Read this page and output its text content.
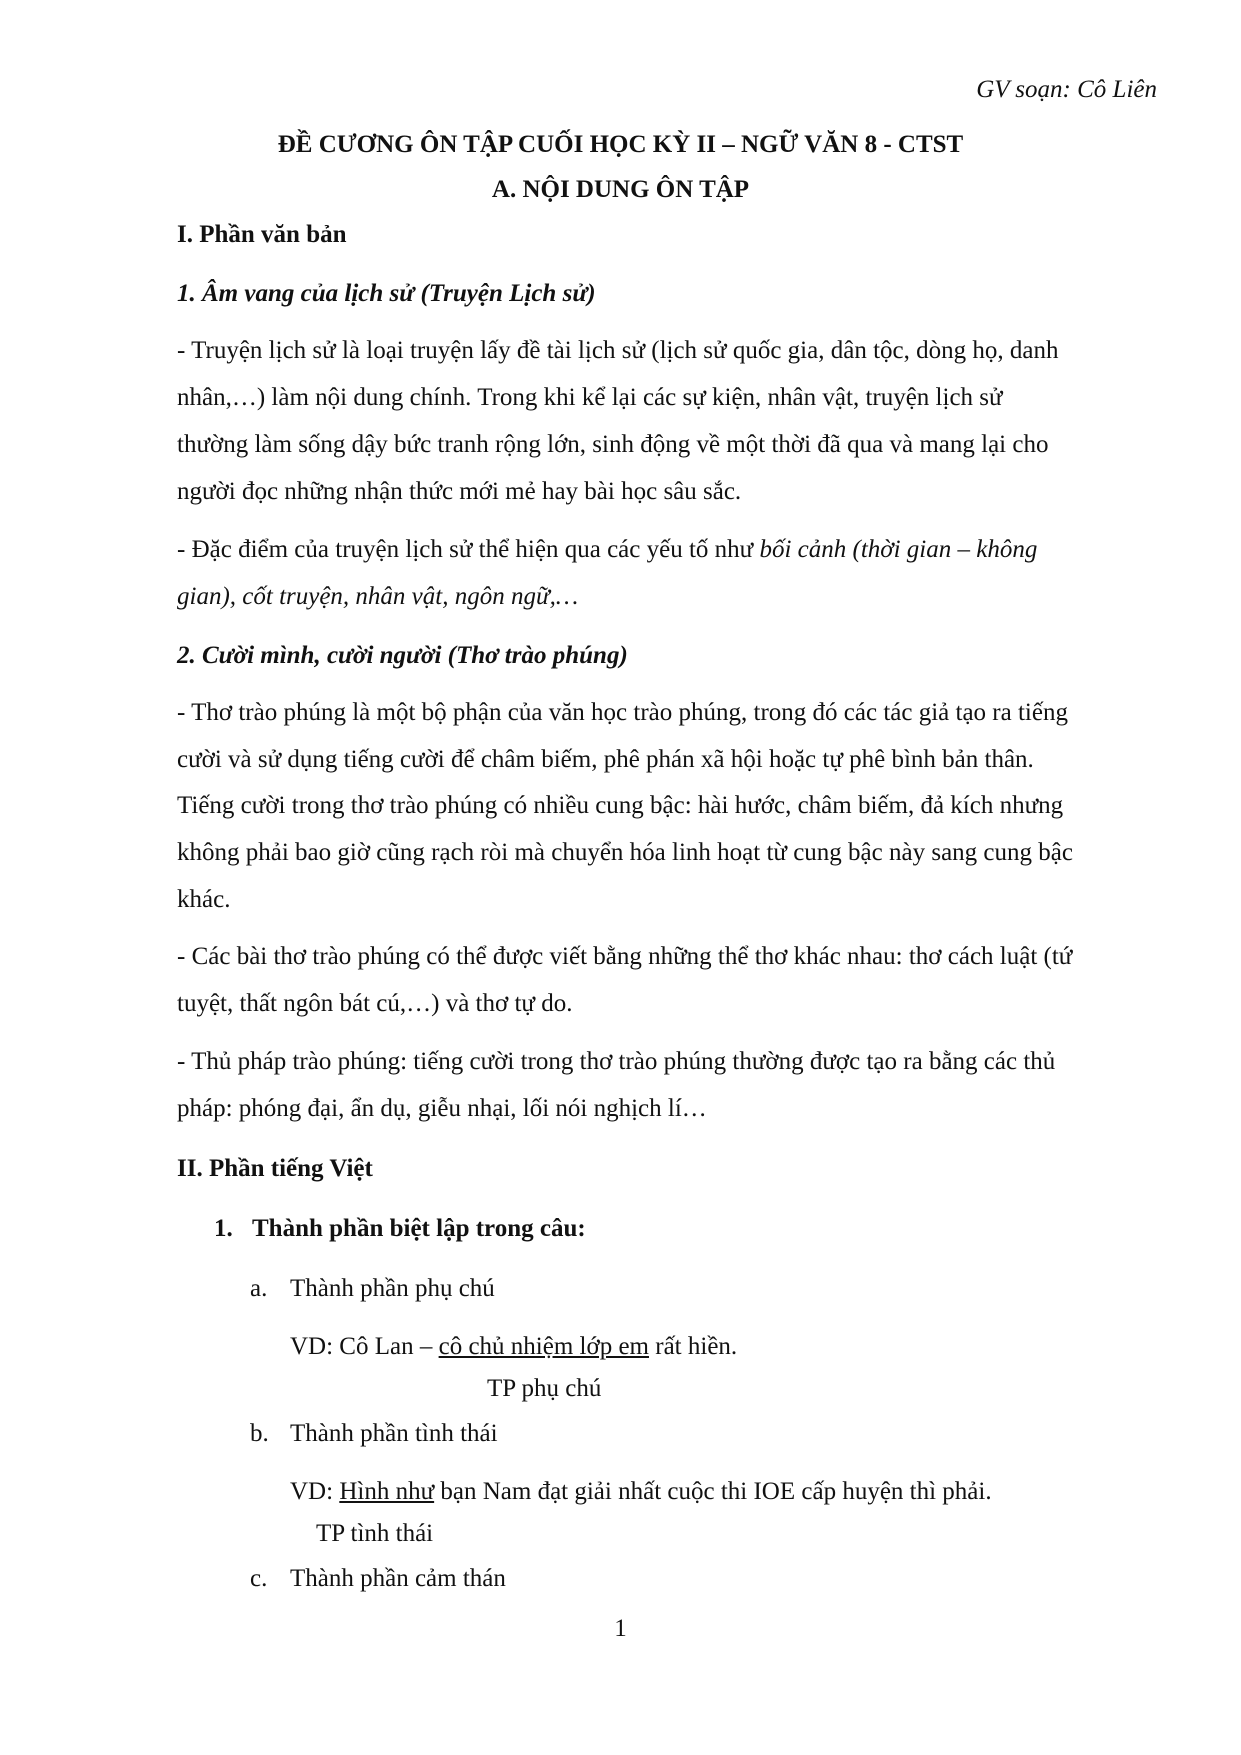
GV soạn: Cô Liên
ĐỀ CƯƠNG ÔN TẬP CUỐI HỌC KỲ II – NGỮ VĂN 8 - CTST
A. NỘI DUNG ÔN TẬP
I. Phần văn bản
1. Âm vang của lịch sử (Truyện Lịch sử)
- Truyện lịch sử là loại truyện lấy đề tài lịch sử (lịch sử quốc gia, dân tộc, dòng họ, danh
nhân,…) làm nội dung chính. Trong khi kể lại các sự kiện, nhân vật, truyện lịch sử
thường làm sống dậy bức tranh rộng lớn, sinh động về một thời đã qua và mang lại cho
người đọc những nhận thức mới mẻ hay bài học sâu sắc.
- Đặc điểm của truyện lịch sử thể hiện qua các yếu tố như bối cảnh (thời gian – không
gian), cốt truyện, nhân vật, ngôn ngữ,…
2. Cười mình, cười người (Thơ trào phúng)
- Thơ trào phúng là một bộ phận của văn học trào phúng, trong đó các tác giả tạo ra tiếng
cười và sử dụng tiếng cười để châm biếm, phê phán xã hội hoặc tự phê bình bản thân.
Tiếng cười trong thơ trào phúng có nhiều cung bậc: hài hước, châm biếm, đả kích nhưng
không phải bao giờ cũng rạch ròi mà chuyển hóa linh hoạt từ cung bậc này sang cung bậc
khác.
- Các bài thơ trào phúng có thể được viết bằng những thể thơ khác nhau: thơ cách luật (tứ
tuyệt, thất ngôn bát cú,…) và thơ tự do.
- Thủ pháp trào phúng: tiếng cười trong thơ trào phúng thường được tạo ra bằng các thủ
pháp: phóng đại, ẩn dụ, giễu nhại, lối nói nghịch lí…
II. Phần tiếng Việt
1. Thành phần biệt lập trong câu:
a. Thành phần phụ chú
VD: Cô Lan – cô chủ nhiệm lớp em rất hiền.
TP phụ chú
b. Thành phần tình thái
VD: Hình như bạn Nam đạt giải nhất cuộc thi IOE cấp huyện thì phải.
TP tình thái
c. Thành phần cảm thán
1
